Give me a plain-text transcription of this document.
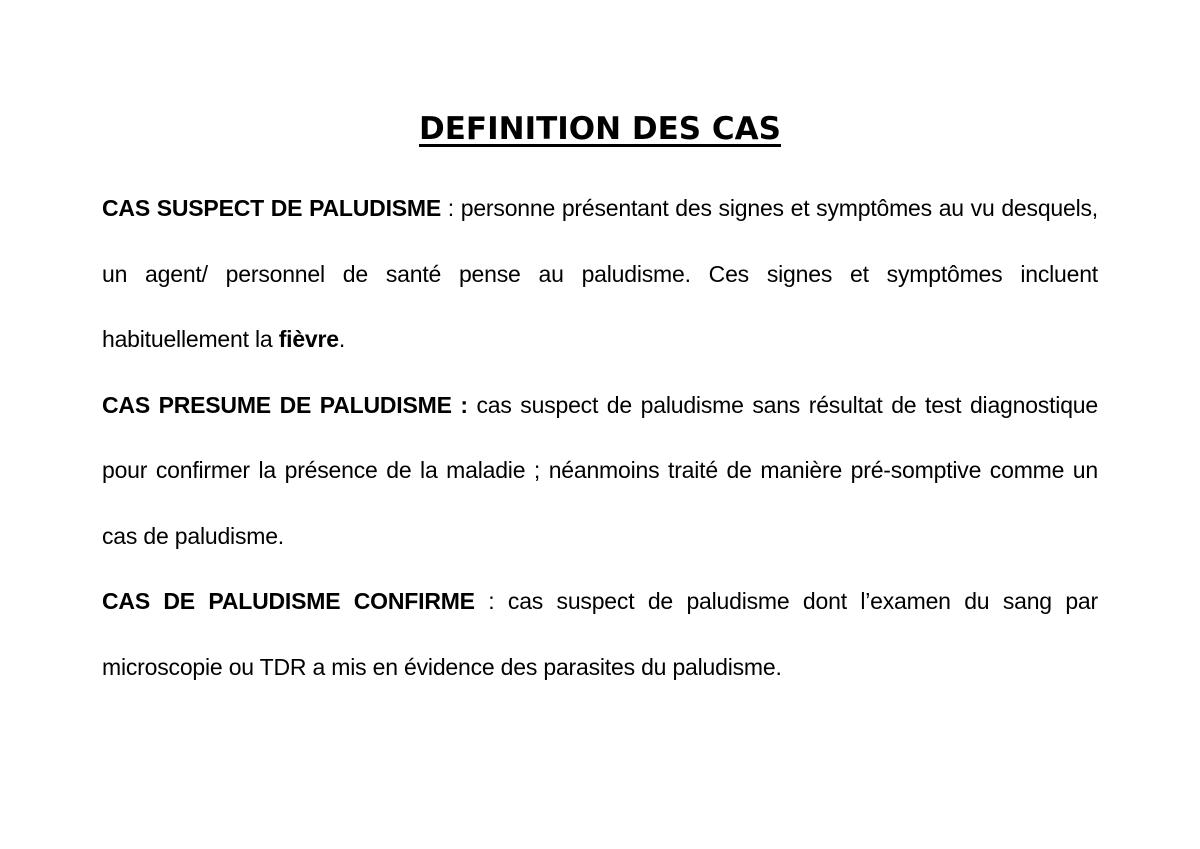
DEFINITION DES CAS

CAS SUSPECT DE PALUDISME : personne présentant des signes et symptômes au vu desquels, un agent/ personnel de santé pense au paludisme. Ces signes et symptômes incluent habituellement la fièvre.

CAS PRESUME DE PALUDISME : cas suspect de paludisme sans résultat de test diagnostique pour confirmer la présence de la maladie ; néanmoins traité de manière pré-somptive comme un cas de paludisme.

CAS DE PALUDISME CONFIRME : cas suspect de paludisme dont l’examen du sang par microscopie ou TDR a mis en évidence des parasites du paludisme.
